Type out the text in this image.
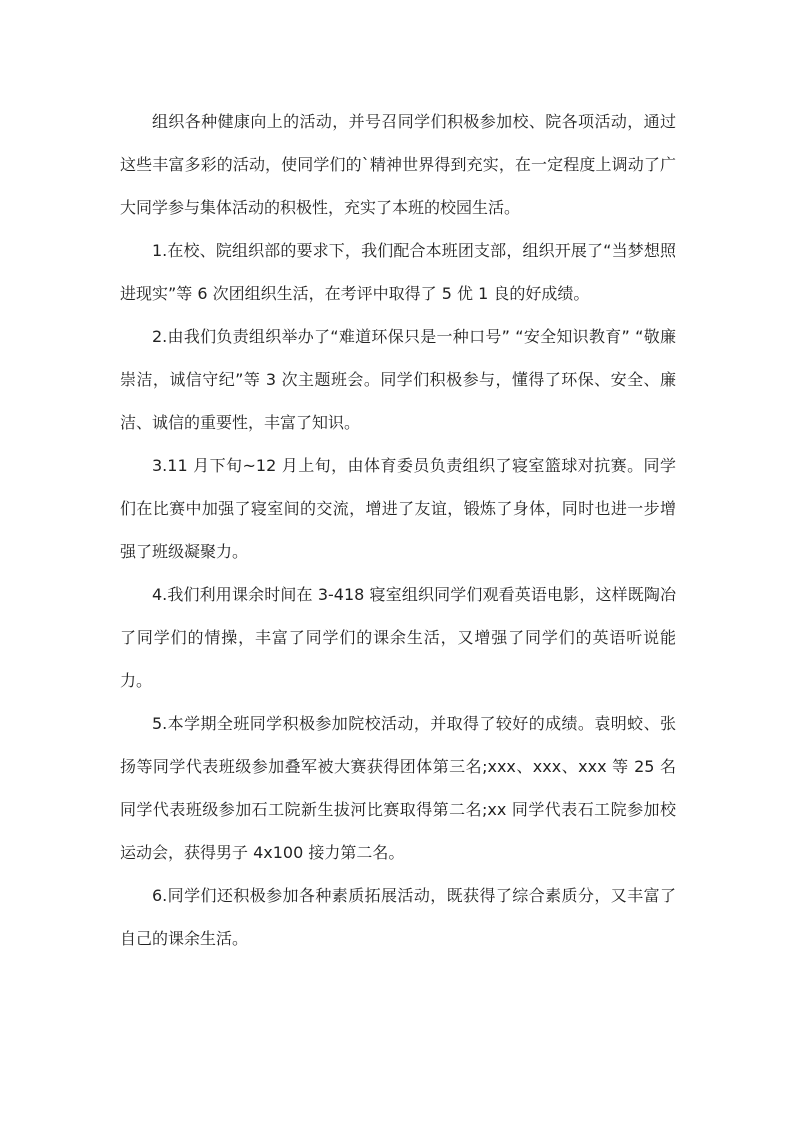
组织各种健康向上的活动，并号召同学们积极参加校、院各项活动，通过这些丰富多彩的活动，使同学们的`精神世界得到充实，在一定程度上调动了广大同学参与集体活动的积极性，充实了本班的校园生活。

1.在校、院组织部的要求下，我们配合本班团支部，组织开展了“当梦想照进现实”等 6 次团组织生活，在考评中取得了 5 优 1 良的好成绩。

2.由我们负责组织举办了“难道环保只是一种口号” “安全知识教育” “敬廉崇洁，诚信守纪”等 3 次主题班会。同学们积极参与，懂得了环保、安全、廉洁、诚信的重要性，丰富了知识。

3.11 月下旬~12 月上旬，由体育委员负责组织了寝室篮球对抗赛。同学们在比赛中加强了寝室间的交流，增进了友谊，锻炼了身体，同时也进一步增强了班级凝聚力。

4.我们利用课余时间在 3-418 寝室组织同学们观看英语电影，这样既陶冶了同学们的情操，丰富了同学们的课余生活，又增强了同学们的英语听说能力。

5.本学期全班同学积极参加院校活动，并取得了较好的成绩。袁明蛟、张扬等同学代表班级参加叠军被大赛获得团体第三名;xxx、xxx、xxx 等 25 名同学代表班级参加石工院新生拔河比赛取得第二名;xx 同学代表石工院参加校运动会，获得男子 4x100 接力第二名。

6.同学们还积极参加各种素质拓展活动，既获得了综合素质分，又丰富了自己的课余生活。
